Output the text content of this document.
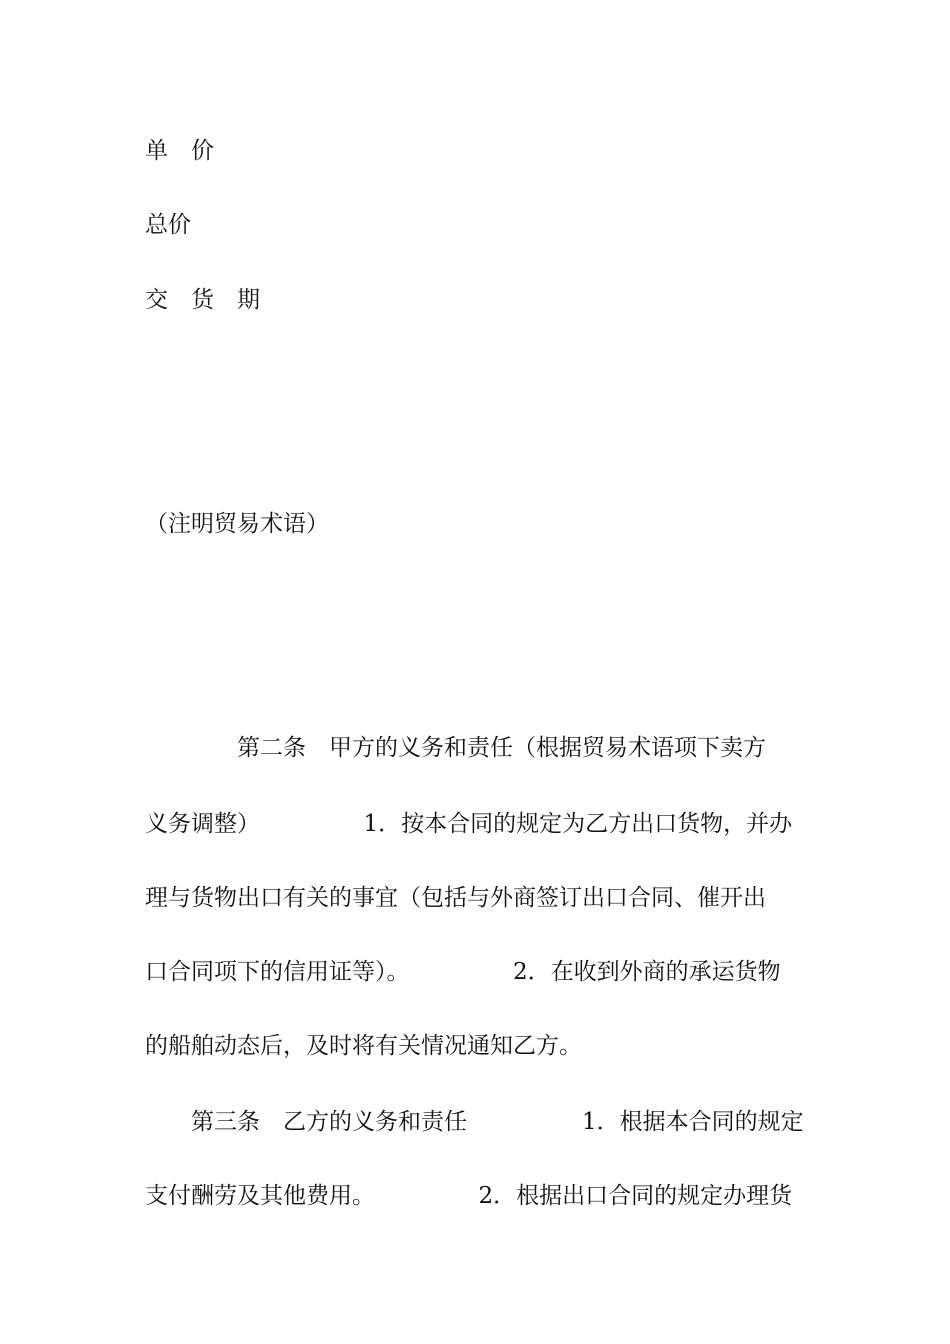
单　价

总价

交　货　期

（注明贸易术语）

　　　　第二条　甲方的义务和责任（根据贸易术语项下卖方

义务调整）　　　　　1．按本合同的规定为乙方出口货物，并办

理与货物出口有关的事宜（包括与外商签订出口合同、催开出

口合同项下的信用证等）。　　　　　2．在收到外商的承运货物

的船舶动态后，及时将有关情况通知乙方。

　　第三条　乙方的义务和责任　　　　　1．根据本合同的规定

支付酬劳及其他费用。　　　　　2．根据出口合同的规定办理货
